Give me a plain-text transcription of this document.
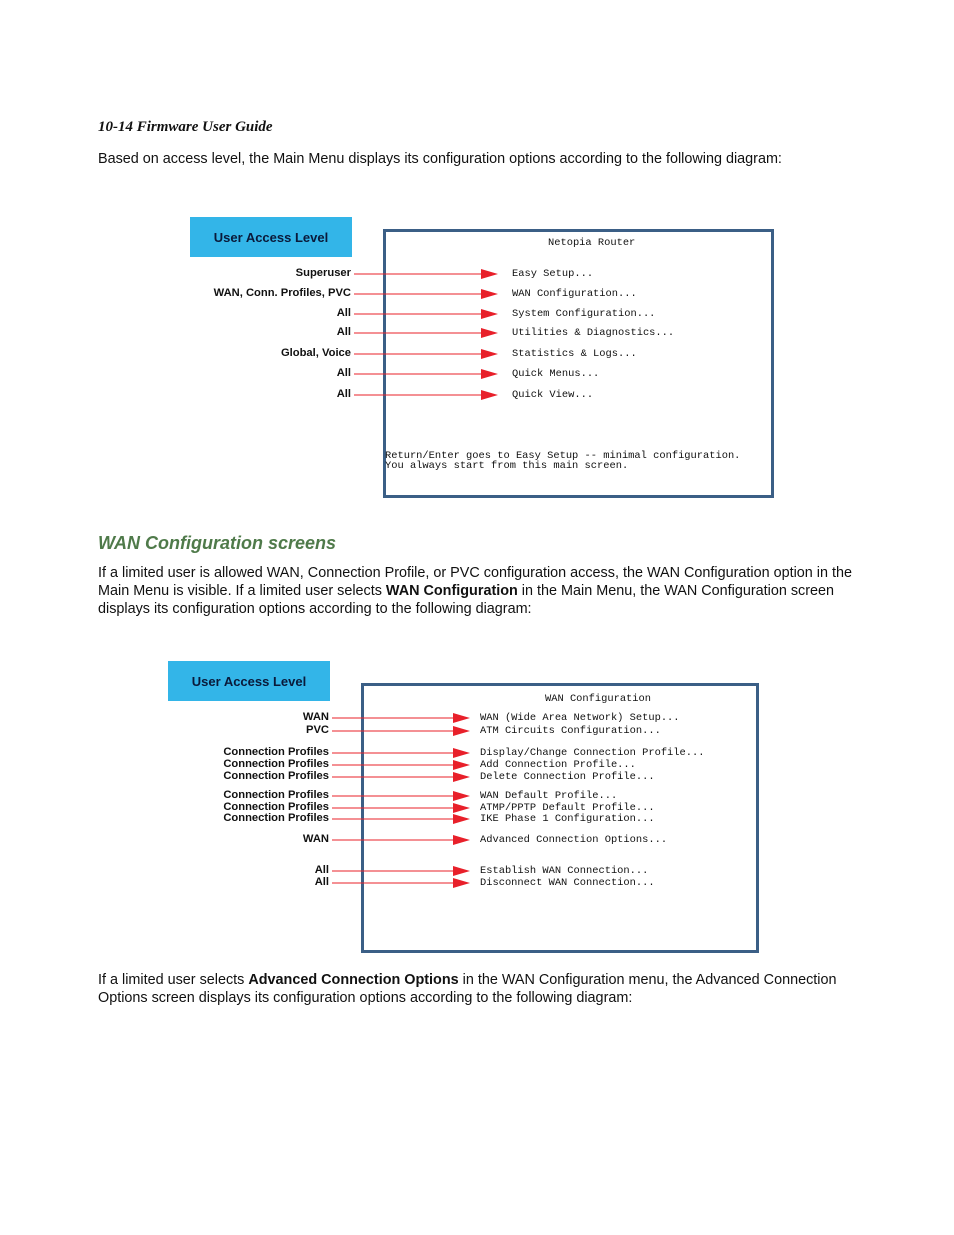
10-14 Firmware User Guide
Based on access level, the Main Menu displays its configuration options according to the following diagram:
User Access Level	Netopia Router
Superuser
WAN, Conn. Profiles, PVC
All
All
Global, Voice
All
All
Easy Setup...
WAN Configuration...
System Configuration...
Utilities & Diagnostics...
Statistics & Logs...
Quick Menus...
Quick View...
Return/Enter goes to Easy Setup -- minimal configuration.
You always start from this main screen.
WAN Configuration screens
If a limited user is allowed WAN, Connection Profile, or PVC configuration access, the WAN Configuration option in the Main Menu is visible. If a limited user selects WAN Configuration in the Main Menu, the WAN Configuration screen displays its configuration options according to the following diagram:
User Access Level
WAN Configuration
WAN
PVC
Connection Profiles
Connection Profiles
Connection Profiles
Connection Profiles
Connection Profiles
Connection Profiles
WAN
All
All
WAN (Wide Area Network) Setup...
ATM Circuits Configuration...
Display/Change Connection Profile...
Add Connection Profile...
Delete Connection Profile...
WAN Default Profile...
ATMP/PPTP Default Profile...
IKE Phase 1 Configuration...
Advanced Connection Options...
Establish WAN Connection...
Disconnect WAN Connection...
If a limited user selects Advanced Connection Options in the WAN Configuration menu, the Advanced Connection Options screen displays its configuration options according to the following diagram:
